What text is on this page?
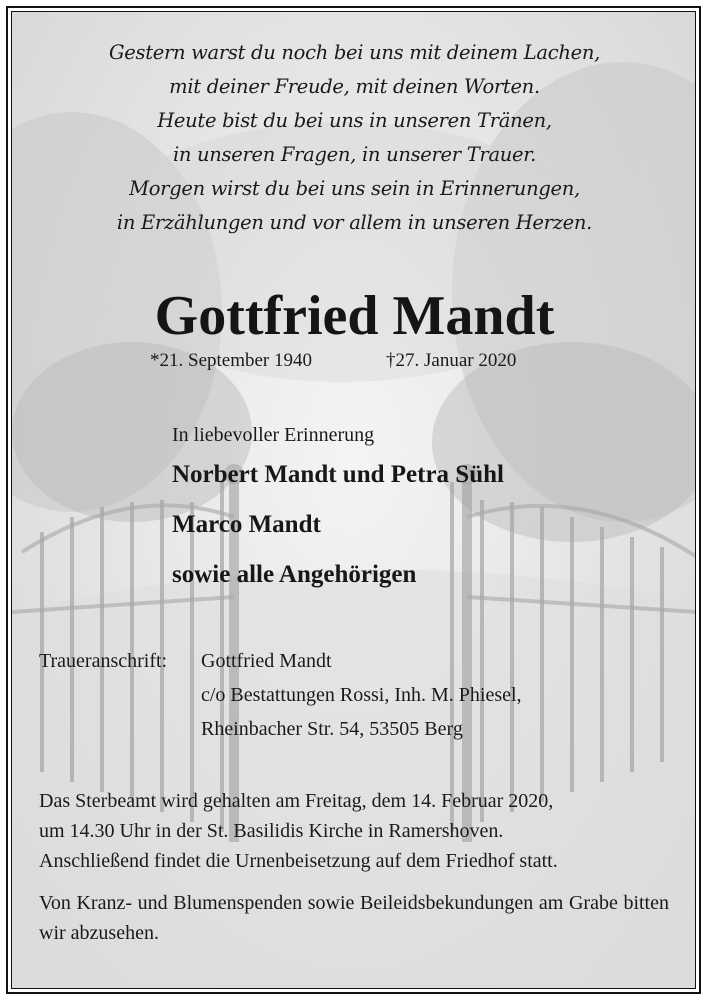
Gestern warst du noch bei uns mit deinem Lachen,
mit deiner Freude, mit deinen Worten.
Heute bist du bei uns in unseren Tränen,
in unseren Fragen, in unserer Trauer.
Morgen wirst du bei uns sein in Erinnerungen,
in Erzählungen und vor allem in unseren Herzen.
Gottfried Mandt
*21. September 1940	†27. Januar 2020
In liebevoller Erinnerung
Norbert Mandt und Petra Sühl
Marco Mandt
sowie alle Angehörigen
Traueranschrift: Gottfried Mandt
c/o Bestattungen Rossi, Inh. M. Phiesel,
Rheinbacher Str. 54, 53505 Berg
Das Sterbeamt wird gehalten am Freitag, dem 14. Februar 2020,
um 14.30 Uhr in der St. Basilidis Kirche in Ramershoven.
Anschließend findet die Urnenbeisetzung auf dem Friedhof statt.
Von Kranz- und Blumenspenden sowie Beileidsbekundungen am Grabe bitten wir abzusehen.
